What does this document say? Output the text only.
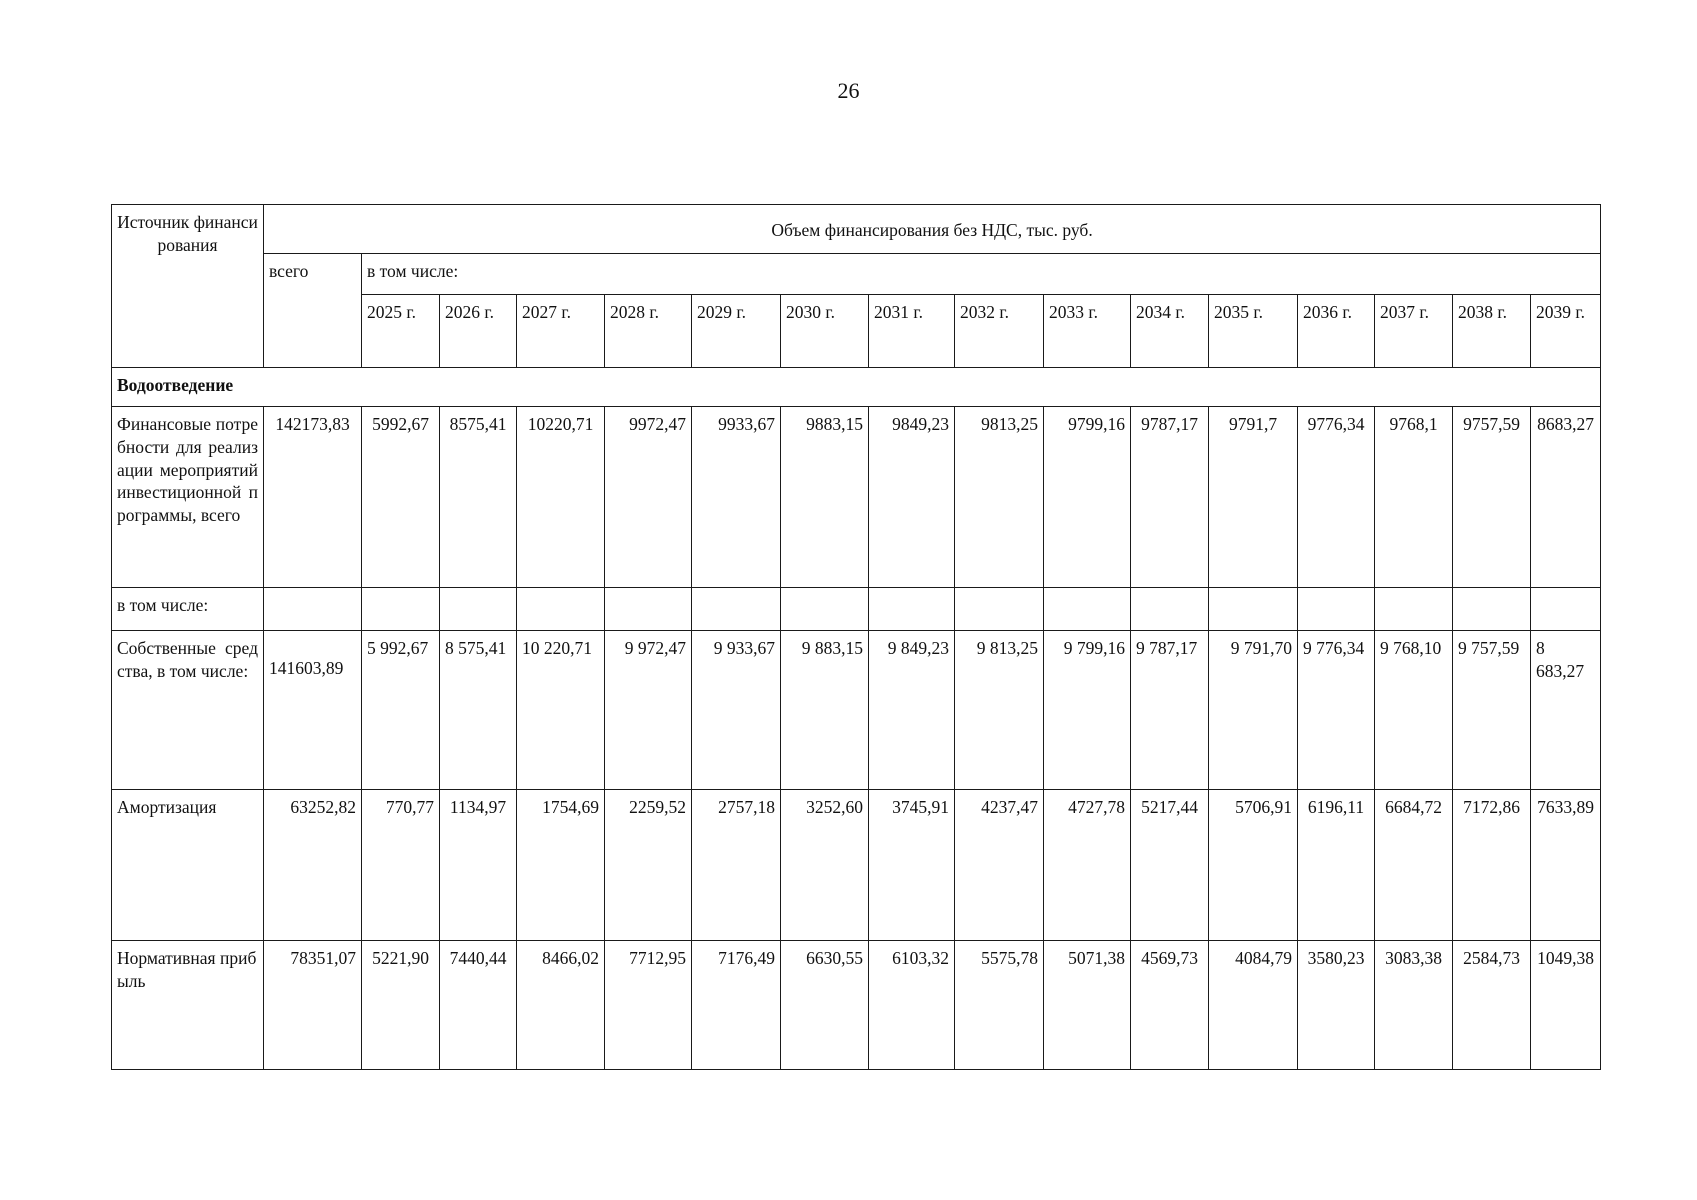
26
Источник финансирования	Объем финансирования без НДС, тыс. руб.															
	всего	в том числе:														
		2025 г.	2026 г.	2027 г.	2028 г.	2029 г.	2030 г.	2031 г.	2032 г.	2033 г.	2034 г.	2035 г.	2036 г.	2037 г.	2038 г.	2039 г.
Водоотведение																
Финансовые потребности для реализации мероприятий инвестиционной программы, всего	142173,83	5992,67	8575,41	10220,71	9972,47	9933,67	9883,15	9849,23	9813,25	9799,16	9787,17	9791,7	9776,34	9768,1	9757,59	8683,27
в том числе:																
Собственные средства, в том числе:	141603,89	5 992,67	8 575,41	10 220,71	9 972,47	9 933,67	9 883,15	9 849,23	9 813,25	9 799,16	9 787,17	9 791,70	9 776,34	9 768,10	9 757,59	8 683,27
Амортизация	63252,82	770,77	1134,97	1754,69	2259,52	2757,18	3252,60	3745,91	4237,47	4727,78	5217,44	5706,91	6196,11	6684,72	7172,86	7633,89
Нормативная прибыль	78351,07	5221,90	7440,44	8466,02	7712,95	7176,49	6630,55	6103,32	5575,78	5071,38	4569,73	4084,79	3580,23	3083,38	2584,73	1049,38
